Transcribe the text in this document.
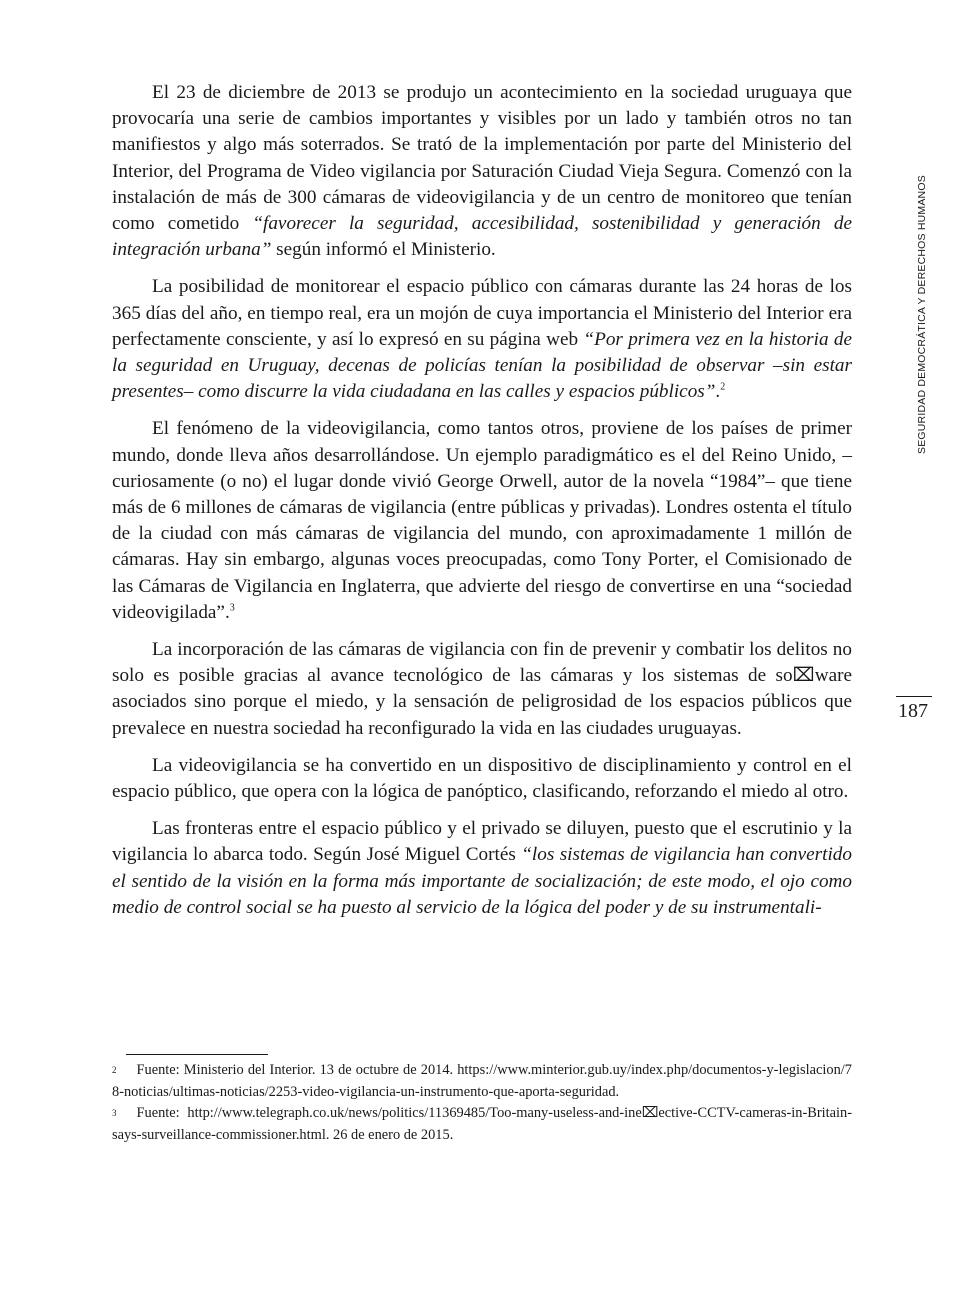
SEGURIDAD DEMOCRÁTICA Y DERECHOS HUMANOS
187

El 23 de diciembre de 2013 se produjo un acontecimiento en la sociedad uruguaya que provocaría una serie de cambios importantes y visibles por un lado y también otros no tan manifiestos y algo más soterrados. Se trató de la implementación por parte del Ministerio del Interior, del Programa de Video vigilancia por Saturación Ciudad Vieja Segura. Comenzó con la instalación de más de 300 cámaras de videovigilancia y de un centro de monitoreo que tenían como cometido “favorecer la seguridad, accesibilidad, sostenibilidad y generación de integración urbana” según informó el Ministerio.

La posibilidad de monitorear el espacio público con cámaras durante las 24 horas de los 365 días del año, en tiempo real, era un mojón de cuya importancia el Ministerio del Interior era perfectamente consciente, y así lo expresó en su página web “Por primera vez en la historia de la seguridad en Uruguay, decenas de policías tenían la posibilidad de observar –sin estar presentes– como discurre la vida ciudadana en las calles y espacios públicos”.$^2$

El fenómeno de la videovigilancia, como tantos otros, proviene de los países de primer mundo, donde lleva años desarrollándose. Un ejemplo paradigmático es el del Reino Unido, –curiosamente (o no) el lugar donde vivió George Orwell, autor de la novela “1984”– que tiene más de 6 millones de cámaras de vigilancia (entre públicas y privadas). Londres ostenta el título de la ciudad con más cámaras de vigilancia del mundo, con aproximadamente 1 millón de cámaras. Hay sin embargo, algunas voces preocupadas, como Tony Porter, el Comisionado de las Cámaras de Vigilancia en Inglaterra, que advierte del riesgo de convertirse en una “sociedad videovigilada”.$^3$

La incorporación de las cámaras de vigilancia con fin de prevenir y combatir los delitos no solo es posible gracias al avance tecnológico de las cámaras y los sistemas de so⌧ware asociados sino porque el miedo, y la sensación de peligrosidad de los espacios públicos que prevalece en nuestra sociedad ha reconfigurado la vida en las ciudades uruguayas.

La videovigilancia se ha convertido en un dispositivo de disciplinamiento y control en el espacio público, que opera con la lógica de panóptico, clasificando, reforzando el miedo al otro.

Las fronteras entre el espacio público y el privado se diluyen, puesto que el escrutinio y la vigilancia lo abarca todo. Según José Miguel Cortés “los sistemas de vigilancia han convertido el sentido de la visión en la forma más importante de socialización; de este modo, el ojo como medio de control social se ha puesto al servicio de la lógica del poder y de su instrumentali-

$^2$ Fuente: Ministerio del Interior. 13 de octubre de 2014. https://www.minterior.gub.uy/index.php/documentos-y-legislacion/78-noticias/ultimas-noticias/2253-video-vigilancia-un-instrumento-que-aporta-seguridad.
$^3$ Fuente: http://www.telegraph.co.uk/news/politics/11369485/Too-many-useless-and-ine⌧ective-CCTV-cameras-in-Britain-says-surveillance-commissioner.html. 26 de enero de 2015.
